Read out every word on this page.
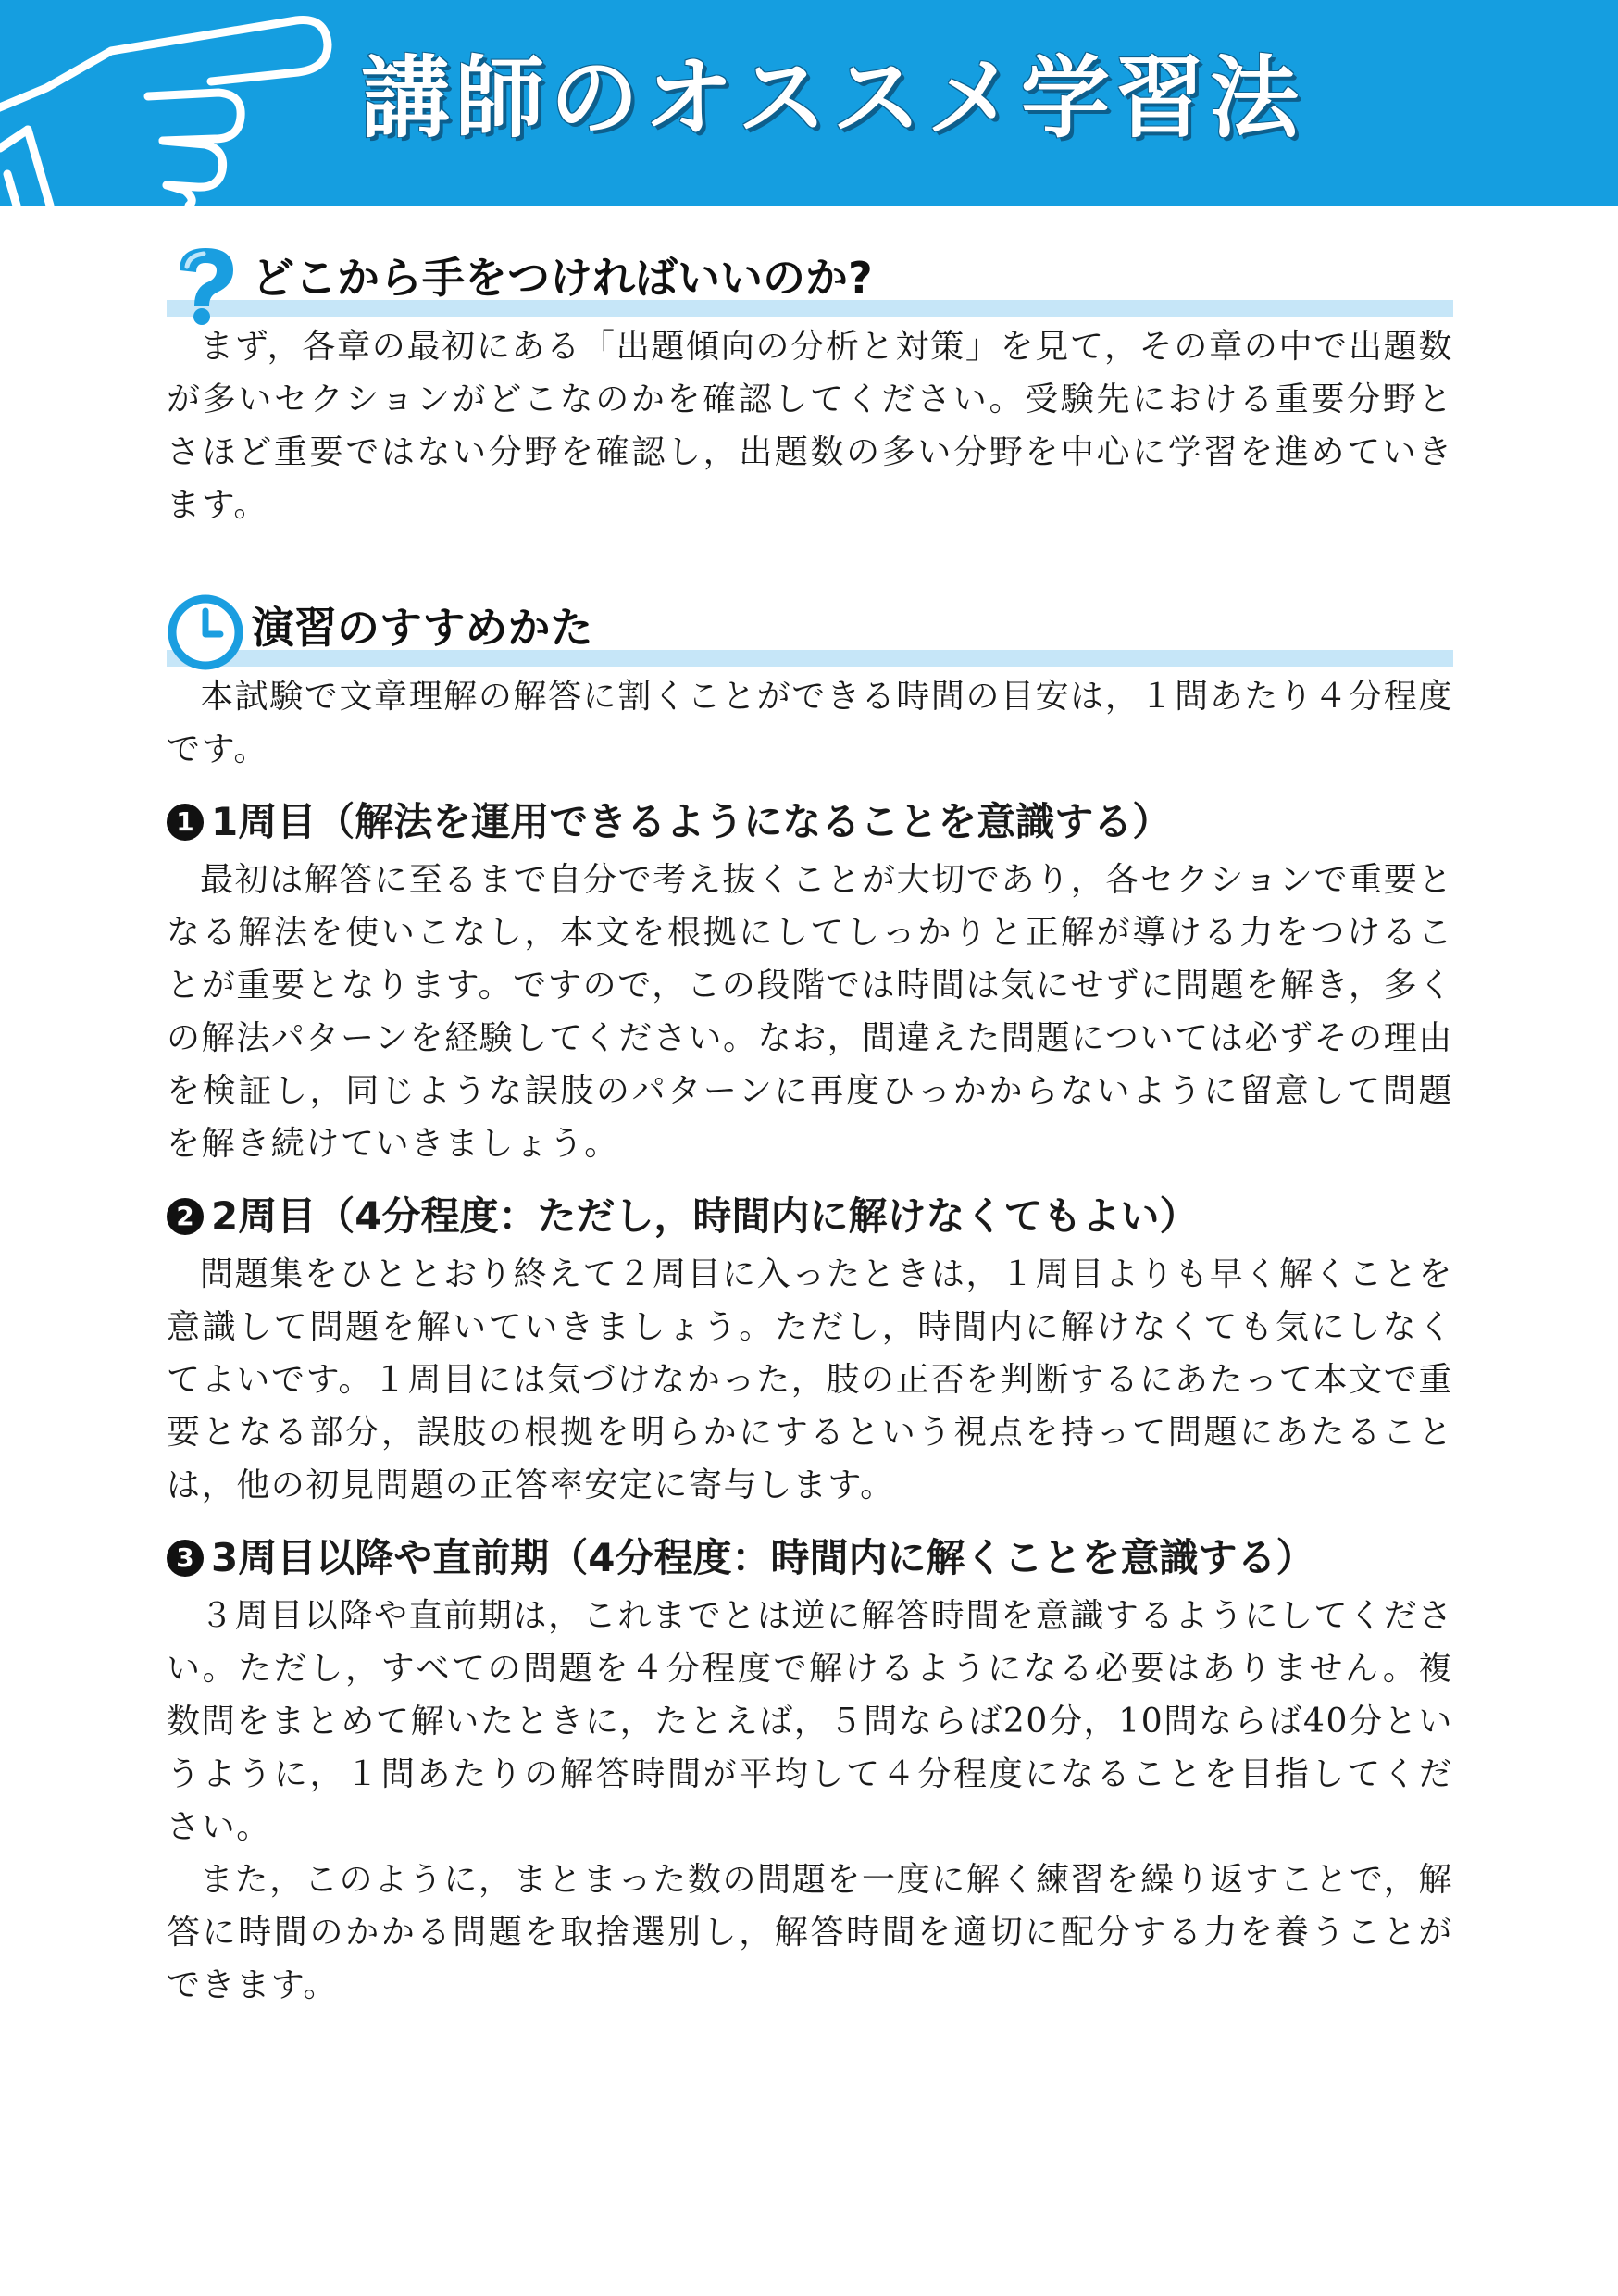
講師のオススメ学習法
どこから手をつければいいのか?

まず，各章の最初にある「出題傾向の分析と対策」を見て，その章の中で出題数が多いセクションがどこなのかを確認してください。受験先における重要分野とさほど重要ではない分野を確認し，出題数の多い分野を中心に学習を進めていきます。

演習のすすめかた

本試験で文章理解の解答に割くことができる時間の目安は，１問あたり４分程度です。

1 1周目（解法を運用できるようになることを意識する）

最初は解答に至るまで自分で考え抜くことが大切であり，各セクションで重要となる解法を使いこなし，本文を根拠にしてしっかりと正解が導ける力をつけることが重要となります。ですので，この段階では時間は気にせずに問題を解き，多くの解法パターンを経験してください。なお，間違えた問題については必ずその理由を検証し，同じような誤肢のパターンに再度ひっかからないように留意して問題を解き続けていきましょう。

2 2周目（4分程度：ただし，時間内に解けなくてもよい）

問題集をひととおり終えて２周目に入ったときは，１周目よりも早く解くことを意識して問題を解いていきましょう。ただし，時間内に解けなくても気にしなくてよいです。１周目には気づけなかった，肢の正否を判断するにあたって本文で重要となる部分，誤肢の根拠を明らかにするという視点を持って問題にあたることは，他の初見問題の正答率安定に寄与します。

3 3周目以降や直前期（4分程度：時間内に解くことを意識する）

３周目以降や直前期は，これまでとは逆に解答時間を意識するようにしてください。ただし，すべての問題を４分程度で解けるようになる必要はありません。複数問をまとめて解いたときに，たとえば，５問ならば20分，10問ならば40分というように，１問あたりの解答時間が平均して４分程度になることを目指してください。

また，このように，まとまった数の問題を一度に解く練習を繰り返すことで，解答に時間のかかる問題を取捨選別し，解答時間を適切に配分する力を養うことができます。
